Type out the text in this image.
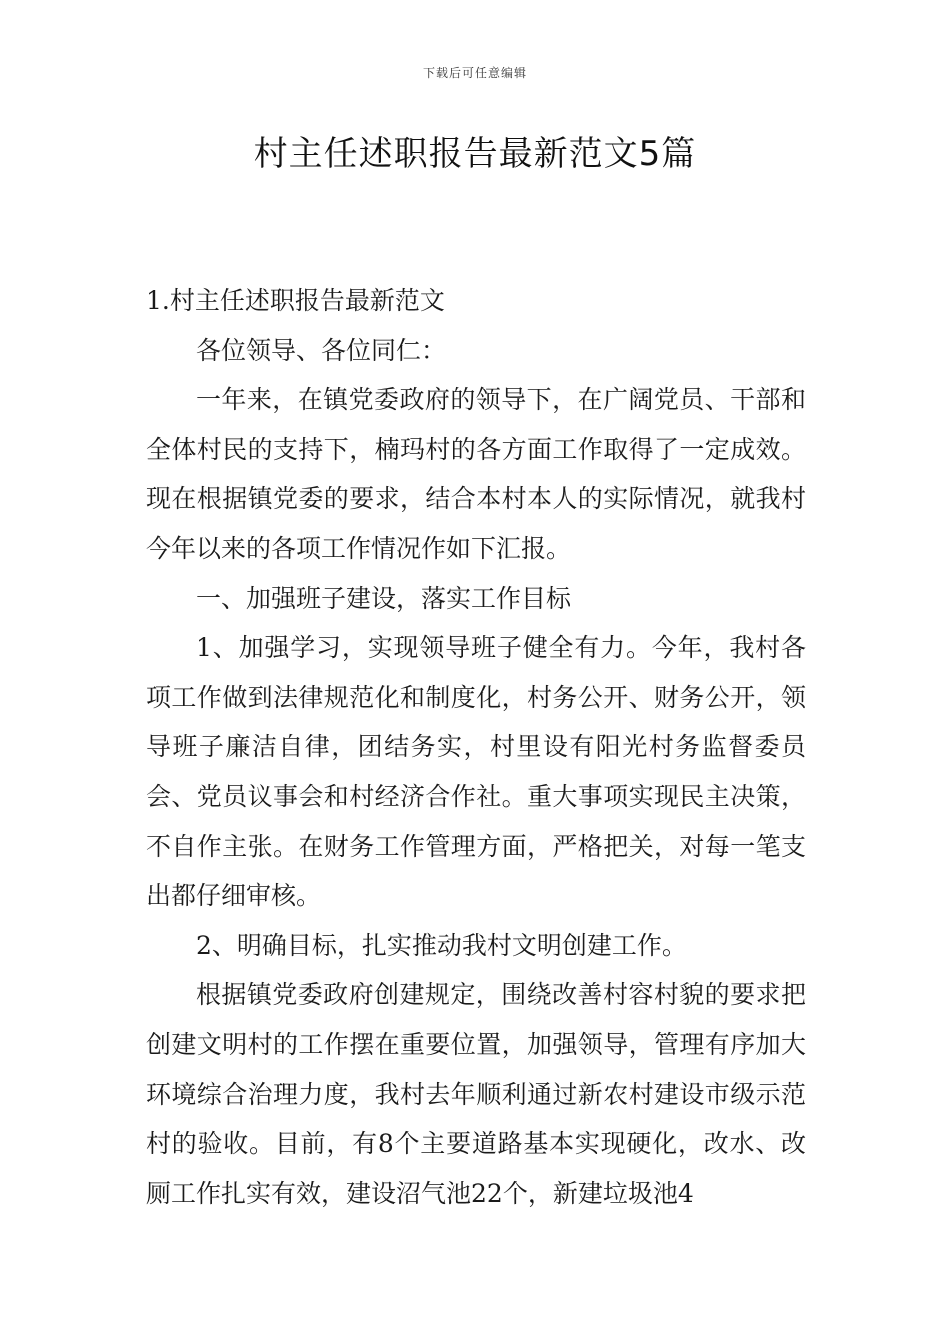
下载后可任意编辑
村主任述职报告最新范文5篇

1.村主任述职报告最新范文

各位领导、各位同仁：

一年来，在镇党委政府的领导下，在广阔党员、干部和全体村民的支持下，楠玛村的各方面工作取得了一定成效。现在根据镇党委的要求，结合本村本人的实际情况，就我村今年以来的各项工作情况作如下汇报。

一、加强班子建设，落实工作目标

1、加强学习，实现领导班子健全有力。今年，我村各项工作做到法律规范化和制度化，村务公开、财务公开，领导班子廉洁自律，团结务实，村里设有阳光村务监督委员会、党员议事会和村经济合作社。重大事项实现民主决策，不自作主张。在财务工作管理方面，严格把关，对每一笔支出都仔细审核。

2、明确目标，扎实推动我村文明创建工作。

根据镇党委政府创建规定，围绕改善村容村貌的要求把创建文明村的工作摆在重要位置，加强领导，管理有序加大环境综合治理力度，我村去年顺利通过新农村建设市级示范村的验收。目前，有8个主要道路基本实现硬化，改水、改厕工作扎实有效，建设沼气池22个，新建垃圾池4
